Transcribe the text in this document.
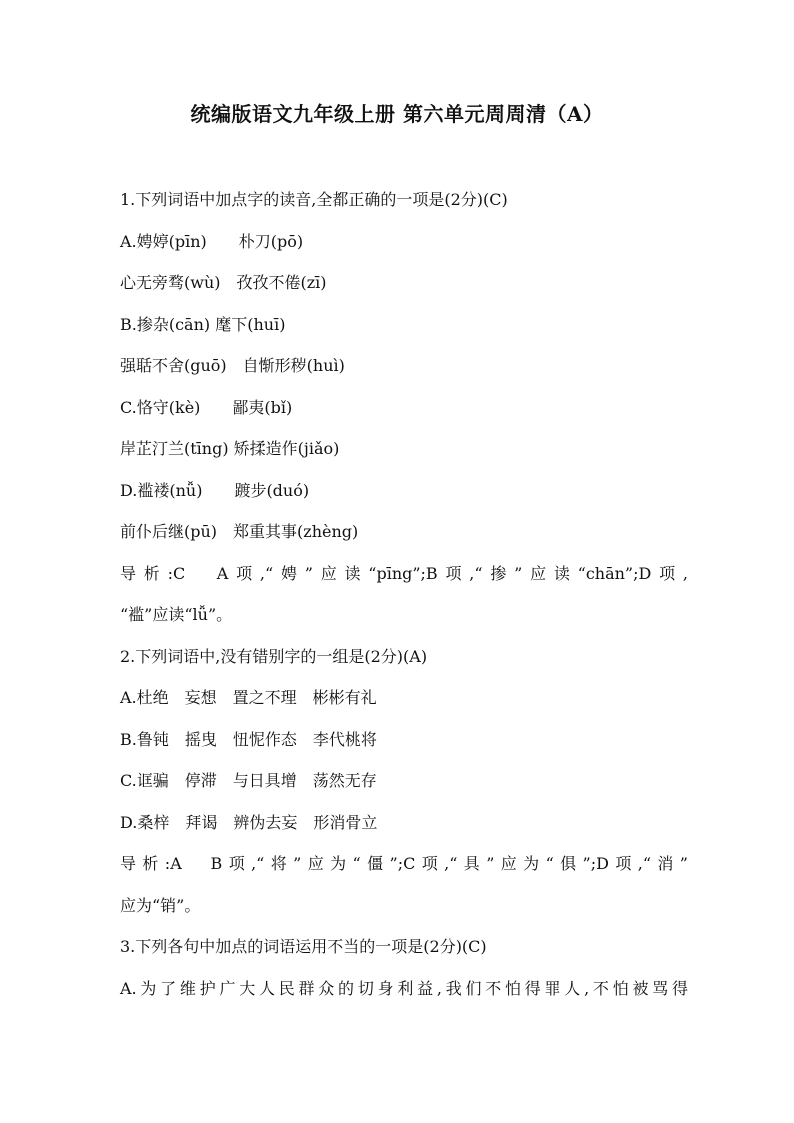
统编版语文九年级上册 第六单元周周清（A）
1.下列词语中加点字的读音,全都正确的一项是(2分)(C)
A.娉婷(pīn)　　朴刀(pō)
心无旁骛(wù)　孜孜不倦(zī)
B.掺杂(cān) 麾下(huī)
强聒不舍(guō)　自惭形秽(huì)
C.恪守(kè)　　鄙夷(bǐ)
岸芷汀兰(tīng) 矫揉造作(jiǎo)
D.褴褛(nǚ)　　踱步(duó)
前仆后继(pū)　郑重其事(zhèng)
导析:C　A项,“娉”应读“pīng”;B项,“掺”应读“chān”;D项,
“褴”应读“lǚ”。
2.下列词语中,没有错别字的一组是(2分)(A)
A.杜绝　妄想　置之不理　彬彬有礼
B.鲁钝　摇曳　忸怩作态　李代桃将
C.诓骗　停滞　与日具增　荡然无存
D.桑梓　拜谒　辨伪去妄　形消骨立
导析:A　B项,“将”应为“僵”;C项,“具”应为“俱”;D项,“消”
应为“销”。
3.下列各句中加点的词语运用不当的一项是(2分)(C)
A.为了维护广大人民群众的切身利益,我们不怕得罪人,不怕被骂得
